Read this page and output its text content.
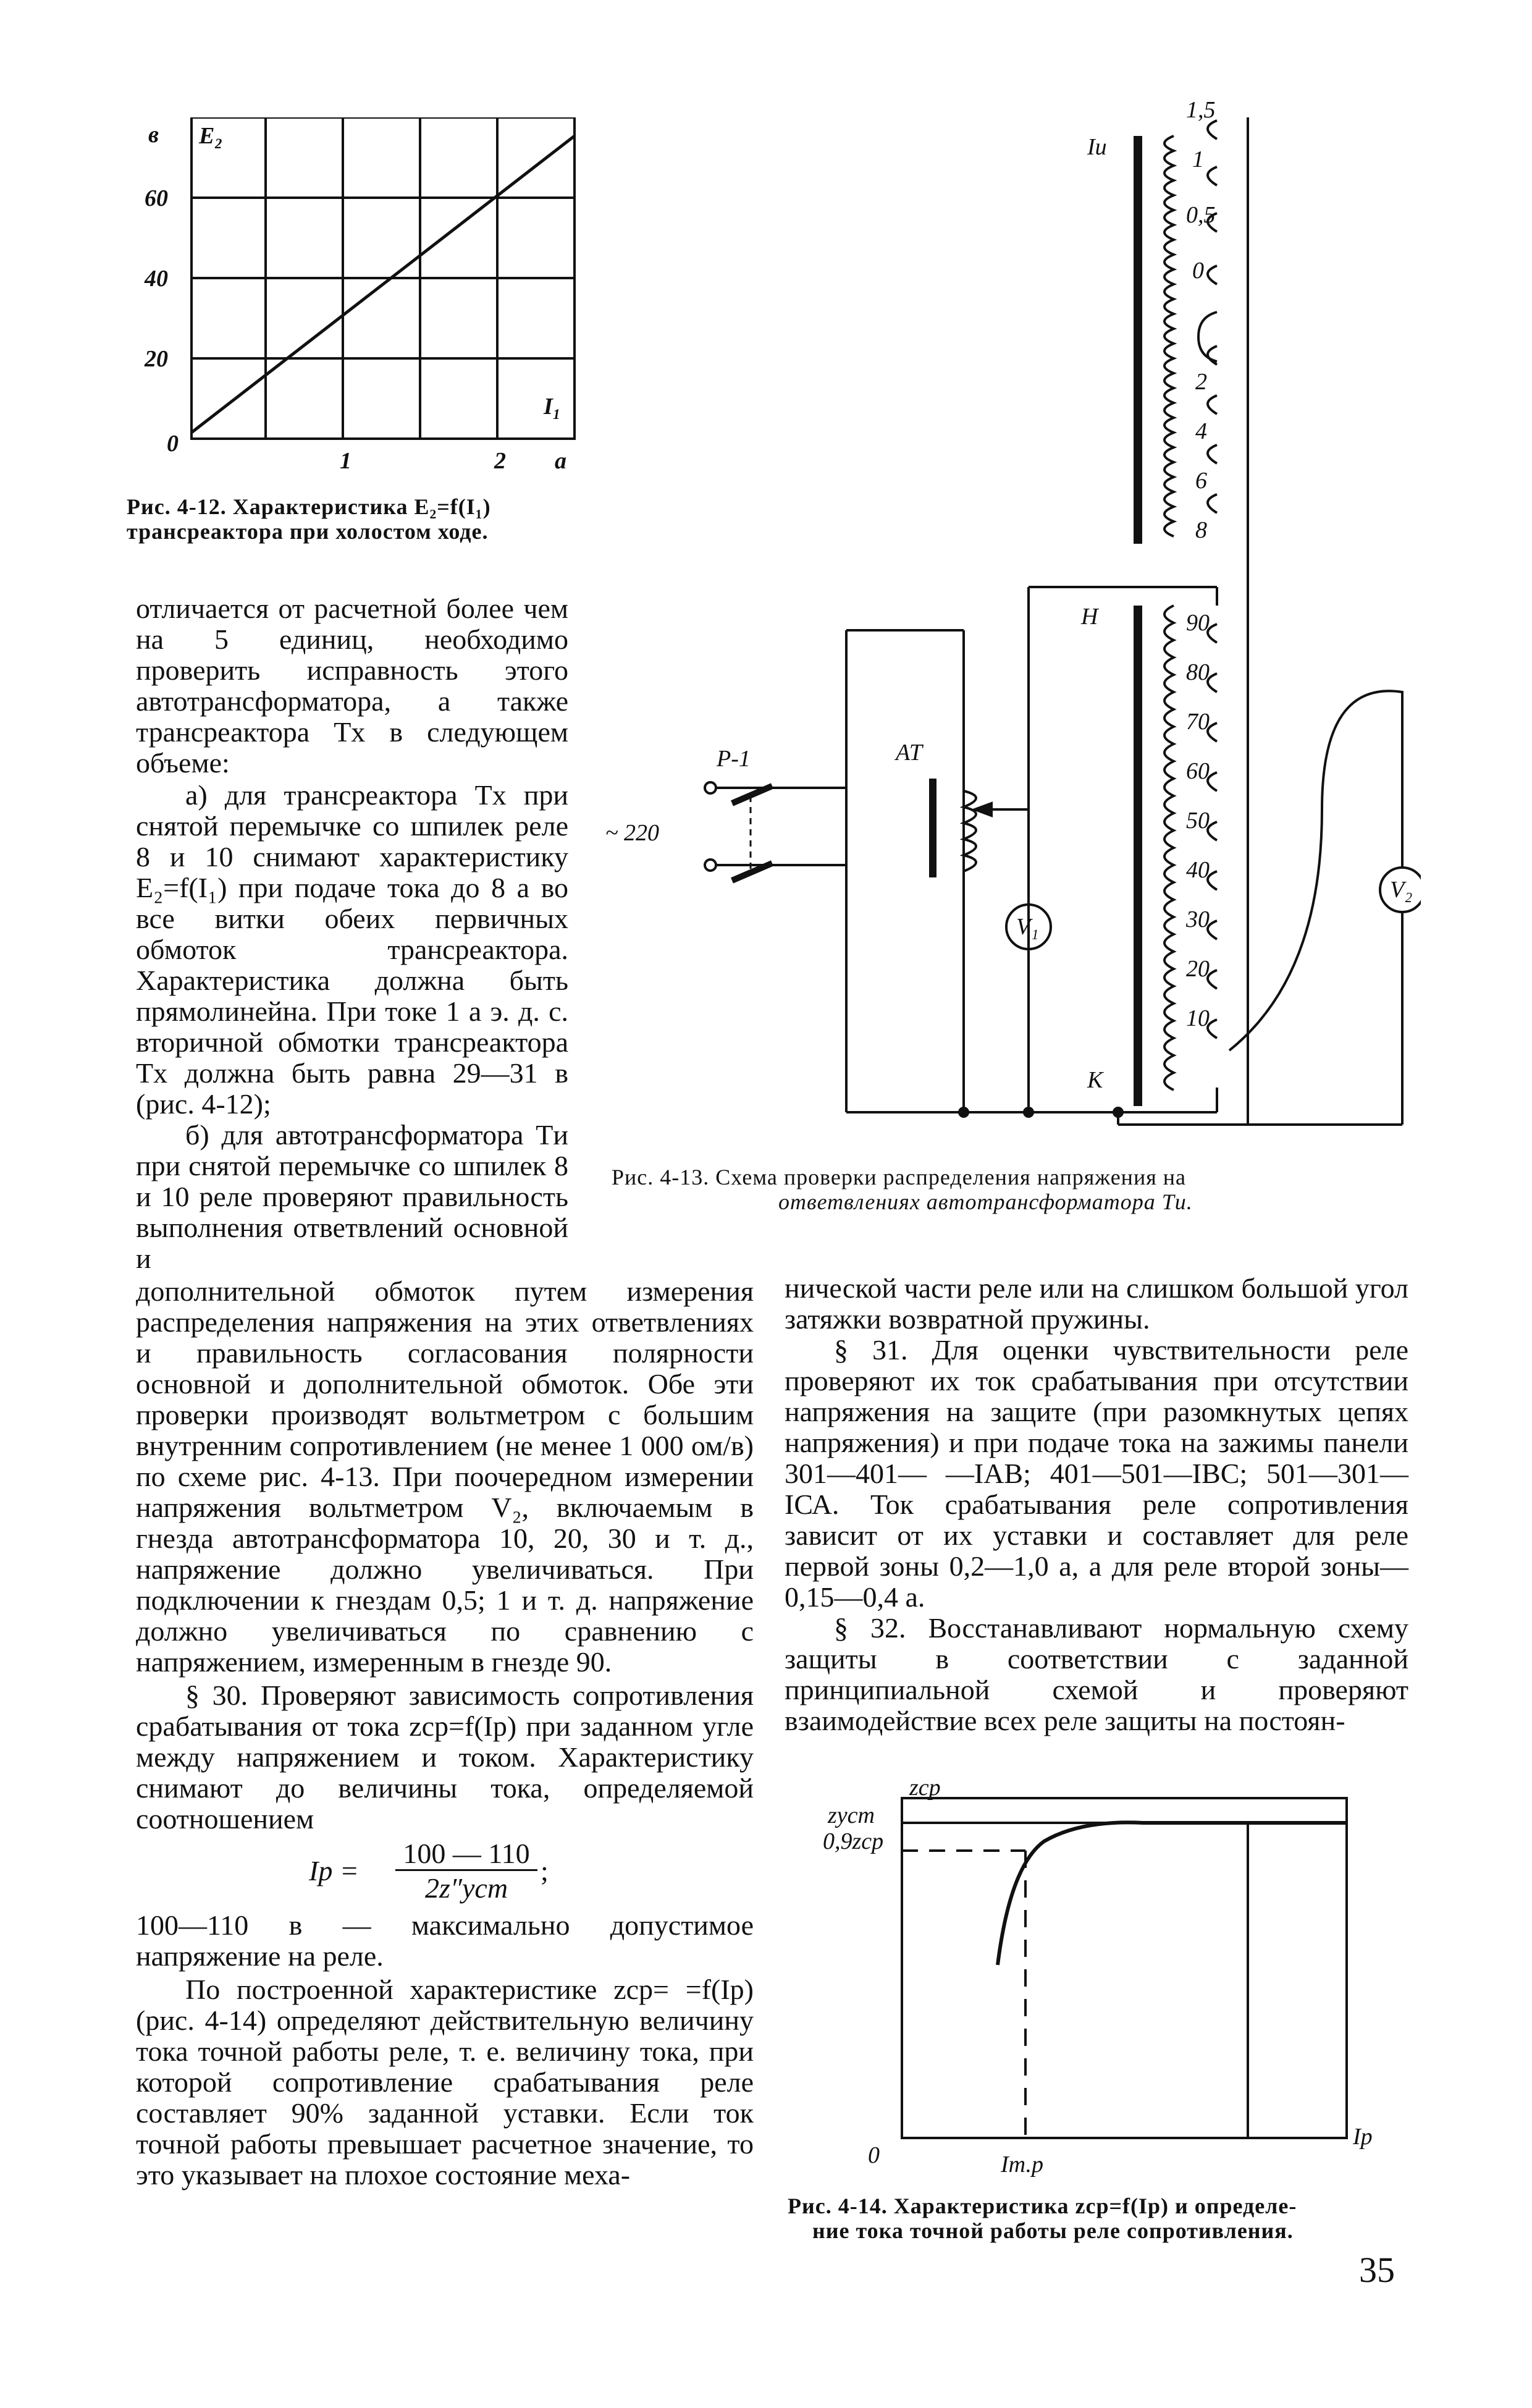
в E₂
60
40
20
0
1	2 а
I₁
Рис. 4-12. Характеристика E₂=f(I₁)
трансреактора при холостом ходе.
Iи
1,5
1
0,5
0
2
4
6
8
90
80
70
60
50
40
30
20
10
Н
К
Р-1
~ 220
АТ
V₁
V₂
Рис. 4-13. Схема проверки распределения напряжения на
ответвлениях автотрансформатора Tи.

отличается от расчетной более чем на 5 единиц, необходимо проверить исправность этого автотрансформатора, а также трансреактора Tх в следующем объеме:

а) для трансреактора Tх при снятой перемычке со шпилек реле 8 и 10 снимают характеристику E₂=f(I₁) при подаче тока до 8 а во все витки обеих первичных обмоток трансреактора. Характеристика должна быть прямолинейна. При токе 1 а э. д. с. вторичной обмотки трансреактора Tх должна быть равна 29—31 в (рис. 4-12);

б) для автотрансформатора Tи при снятой перемычке со шпилек 8 и 10 реле проверяют правильность выполнения ответвлений основной и

дополнительной обмоток путем измерения распределения напряжения на этих ответвлениях и правильность согласования полярности основной и дополнительной обмоток. Обе эти проверки производят вольтметром с большим внутренним сопротивлением (не менее 1 000 ом/в) по схеме рис. 4-13. При поочередном измерении напряжения вольтметром V₂, включаемым в гнезда автотрансформатора 10, 20, 30 и т. д., напряжение должно увеличиваться. При подключении к гнездам 0,5; 1 и т. д. напряжение должно увеличиваться по сравнению с напряжением, измеренным в гнезде 90.

§ 30. Проверяют зависимость сопротивления срабатывания от тока zср=f(Iр) при заданном угле между напряжением и током. Характеристику снимают до величины тока, определяемой соотношением

Iр =
100 — 110
2z″уст
;

100—110 в — максимально допустимое напряжение на реле.

По построенной характеристике zср= =f(Iр) (рис. 4-14) определяют действительную величину тока точной работы реле, т. е. величину тока, при которой сопротивление срабатывания реле составляет 90% заданной уставки. Если ток точной работы превышает расчетное значение, то это указывает на плохое состояние меха-

нической части реле или на слишком большой угол затяжки возвратной пружины.

§ 31. Для оценки чувствительности реле проверяют их ток срабатывания при отсутствии напряжения на защите (при разомкнутых цепях напряжения) и при подаче тока на зажимы панели 301—401— —IАВ; 401—501—IВС; 501—301—IСА. Ток срабатывания реле сопротивления зависит от их уставки и составляет для реле первой зоны 0,2—1,0 а, а для реле второй зоны—0,15—0,4 а.

§ 32. Восстанавливают нормальную схему защиты в соответствии с заданной принципиальной схемой и проверяют взаимодействие всех реле защиты на постоян-

zср
zуст
0,9zср
0
Iр
Iт.р
Рис. 4-14. Характеристика zср=f(Iр) и определе-
ние тока точной работы реле сопротивления.
35
